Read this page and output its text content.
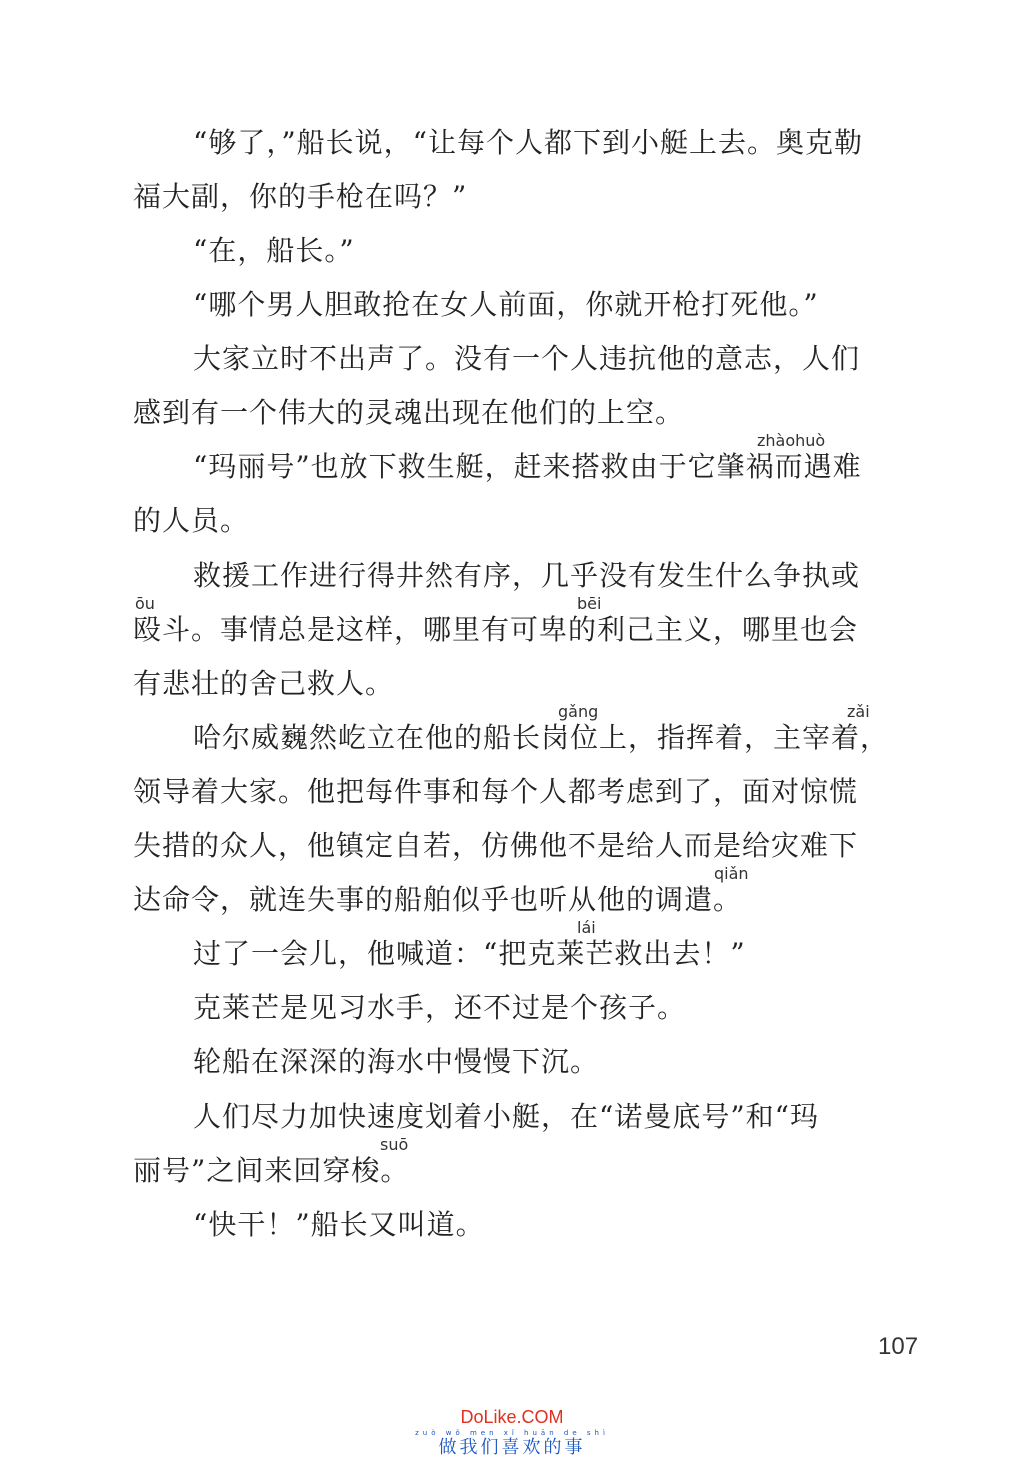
“够了，”船长说，“让每个人都下到小艇上去。奥克勒
福大副，你的手枪在吗？”
“在，船长。”
“哪个男人胆敢抢在女人前面，你就开枪打死他。”
大家立时不出声了。没有一个人违抗他的意志，人们
感到有一个伟大的灵魂出现在他们的上空。
“玛丽号”也放下救生艇，赶来搭救由于它肇祸而遇难
的人员。
救援工作进行得井然有序，几乎没有发生什么争执或
殴斗。事情总是这样，哪里有可卑的利己主义，哪里也会
有悲壮的舍己救人。
哈尔威巍然屹立在他的船长岗位上，指挥着，主宰着，
领导着大家。他把每件事和每个人都考虑到了，面对惊慌
失措的众人，他镇定自若，仿佛他不是给人而是给灾难下
达命令，就连失事的船舶似乎也听从他的调遣。
过了一会儿，他喊道：“把克莱芒救出去！”
克莱芒是见习水手，还不过是个孩子。
轮船在深深的海水中慢慢下沉。
人们尽力加快速度划着小艇，在“诺曼底号”和“玛
丽号”之间来回穿梭。
“快干！”船长又叫道。
zhàohuò
ōu	bēi
gǎng	zǎi
qiǎn
lái
suō
107
DoLike.COM
zuò wǒ men xǐ huān de shì
做我们喜欢的事
